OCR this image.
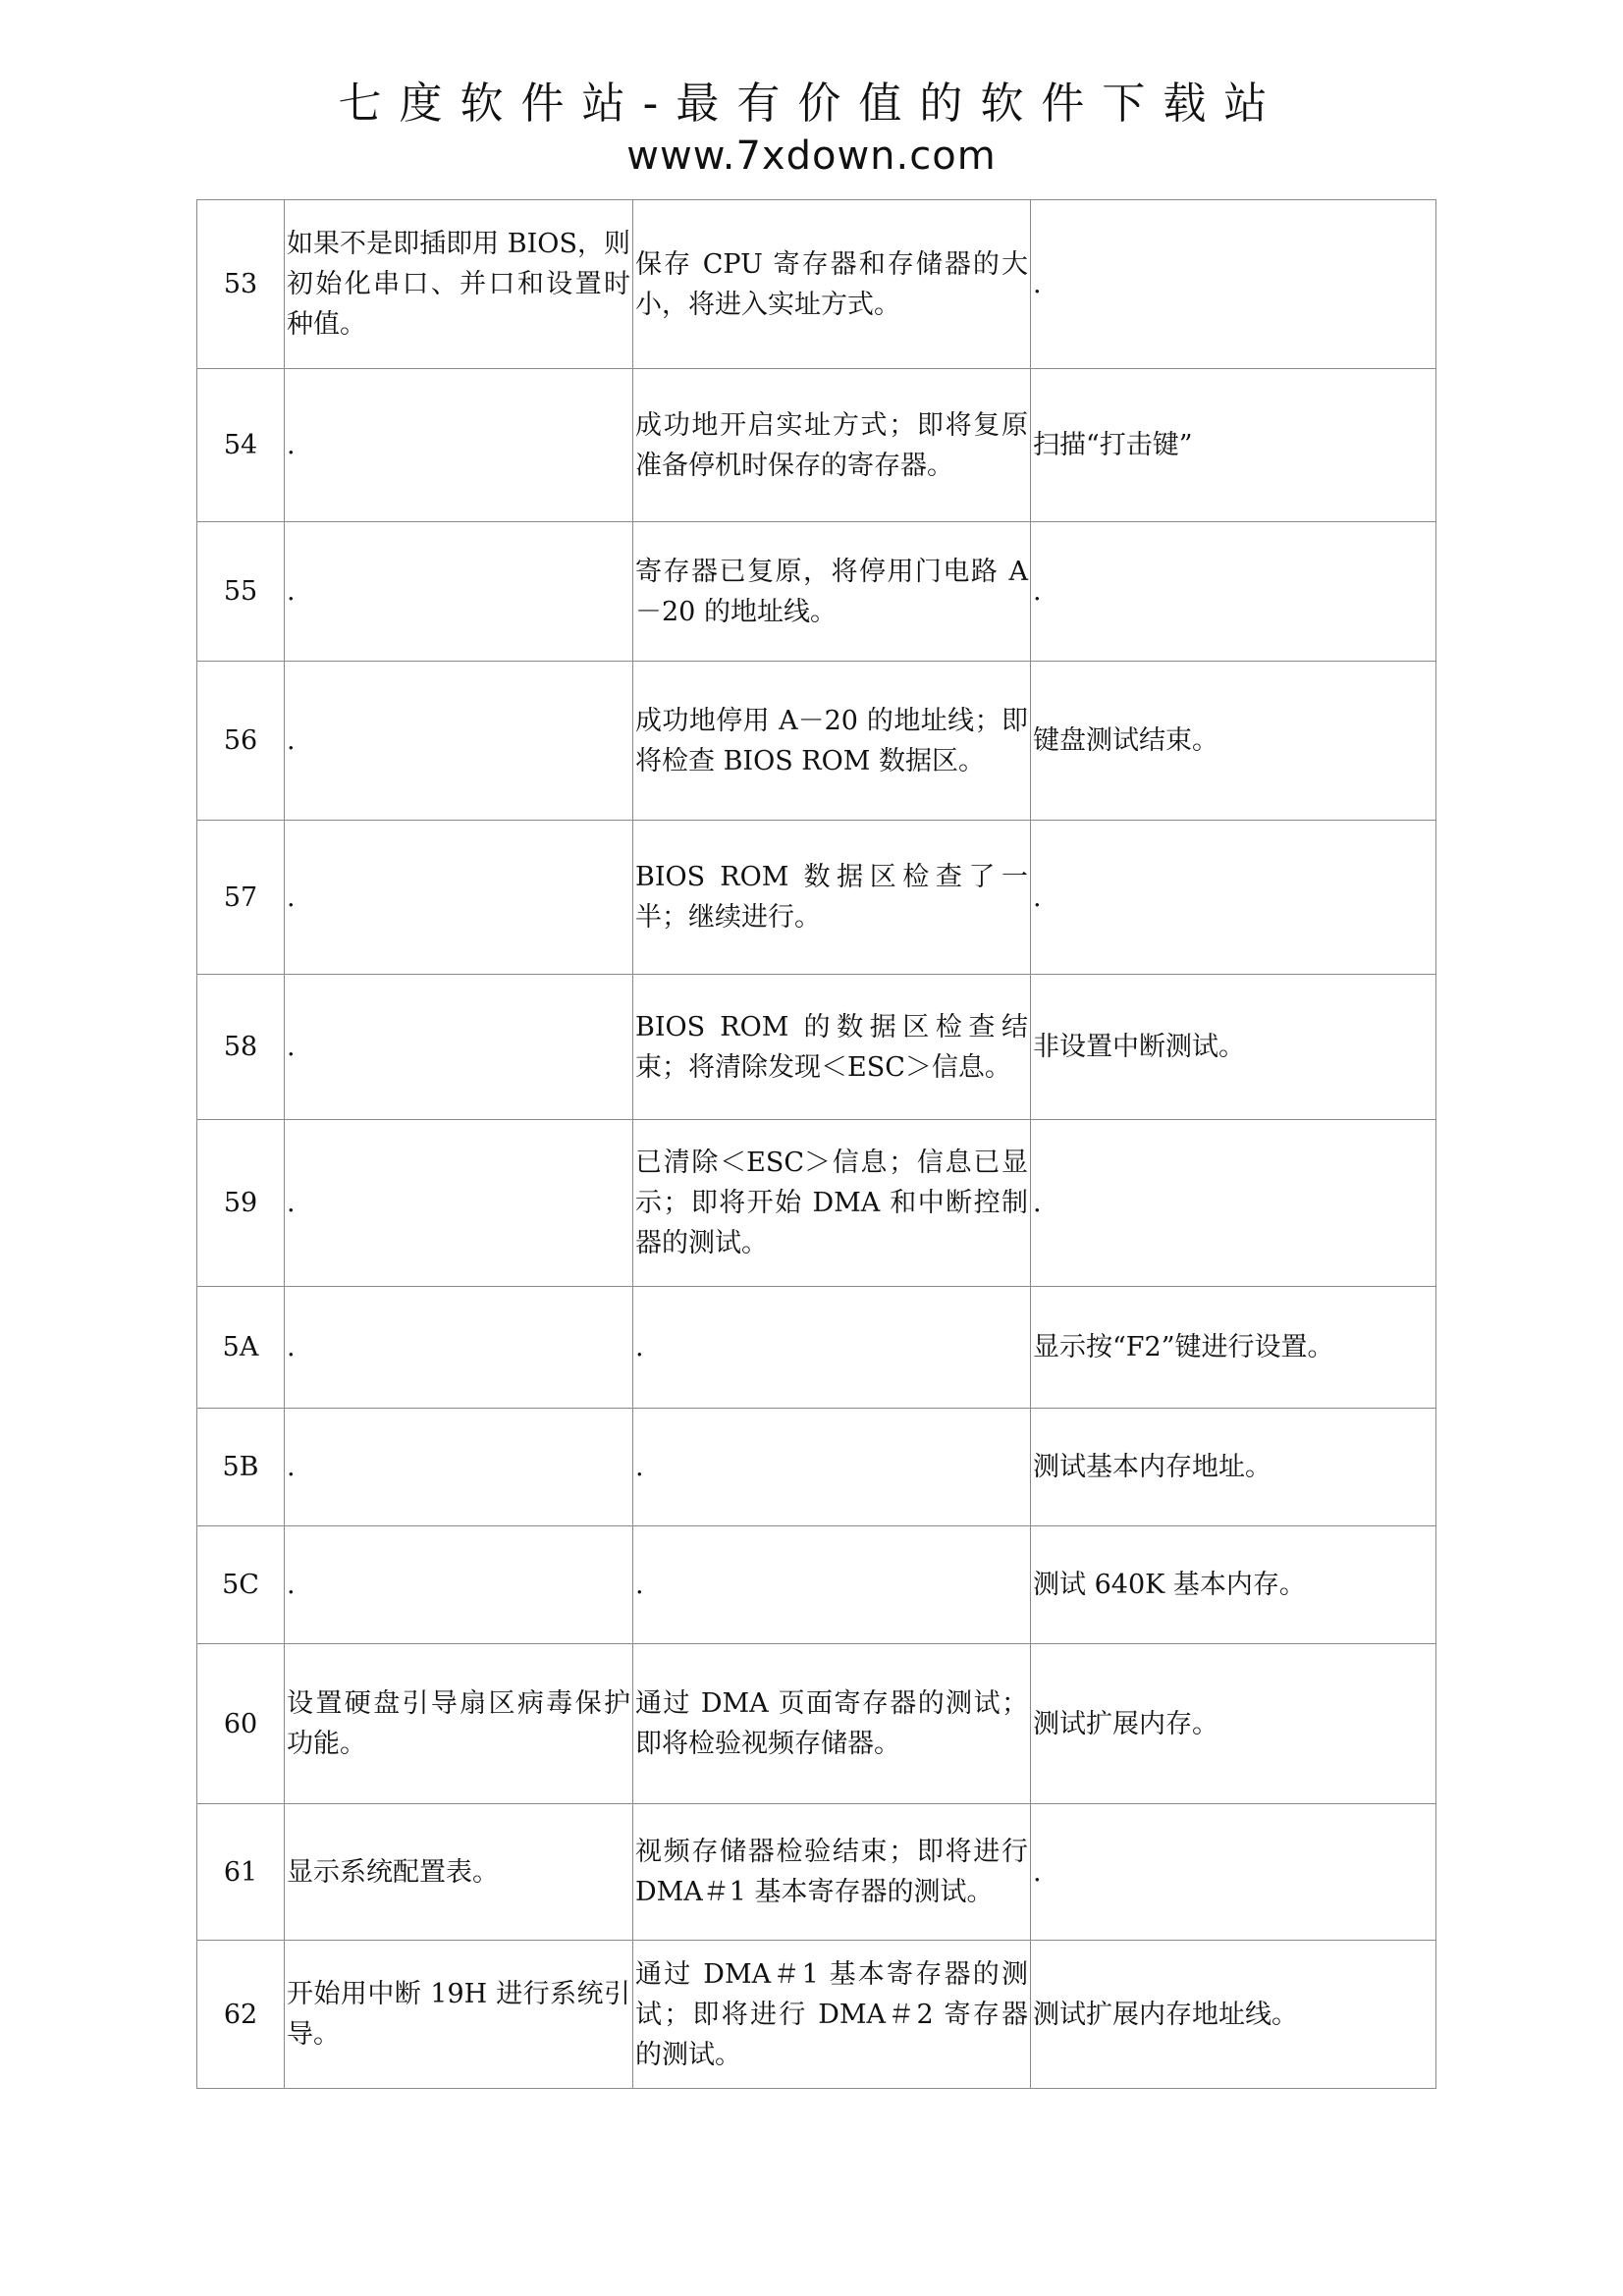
七度软件站-最有价值的软件下载站
www.7xdown.com
53	如果不是即插即用 BIOS，则初始化串口、并口和设置时种值。	保存 CPU 寄存器和存储器的大小，将进入实址方式。	.
54	.	成功地开启实址方式；即将复原准备停机时保存的寄存器。	扫描“打击键”
55	.	寄存器已复原，将停用门电路 A－20 的地址线。	.
56	.	成功地停用 A－20 的地址线；即将检查 BIOS ROM 数据区。	键盘测试结束。
57	.	BIOS ROM 数据区检查了一半；继续进行。	.
58	.	BIOS ROM 的数据区检查结束；将清除发现＜ESC＞信息。	非设置中断测试。
59	.	已清除＜ESC＞信息；信息已显示；即将开始 DMA 和中断控制器的测试。	.
5A	.	.	显示按“F2”键进行设置。
5B	.	.	测试基本内存地址。
5C	.	.	测试 640K 基本内存。
60	设置硬盘引导扇区病毒保护功能。	通过 DMA 页面寄存器的测试；即将检验视频存储器。	测试扩展内存。
61	显示系统配置表。	视频存储器检验结束；即将进行 DMA＃1 基本寄存器的测试。	.
62	开始用中断 19H 进行系统引导。	通过 DMA＃1 基本寄存器的测试；即将进行 DMA＃2 寄存器的测试。	测试扩展内存地址线。
